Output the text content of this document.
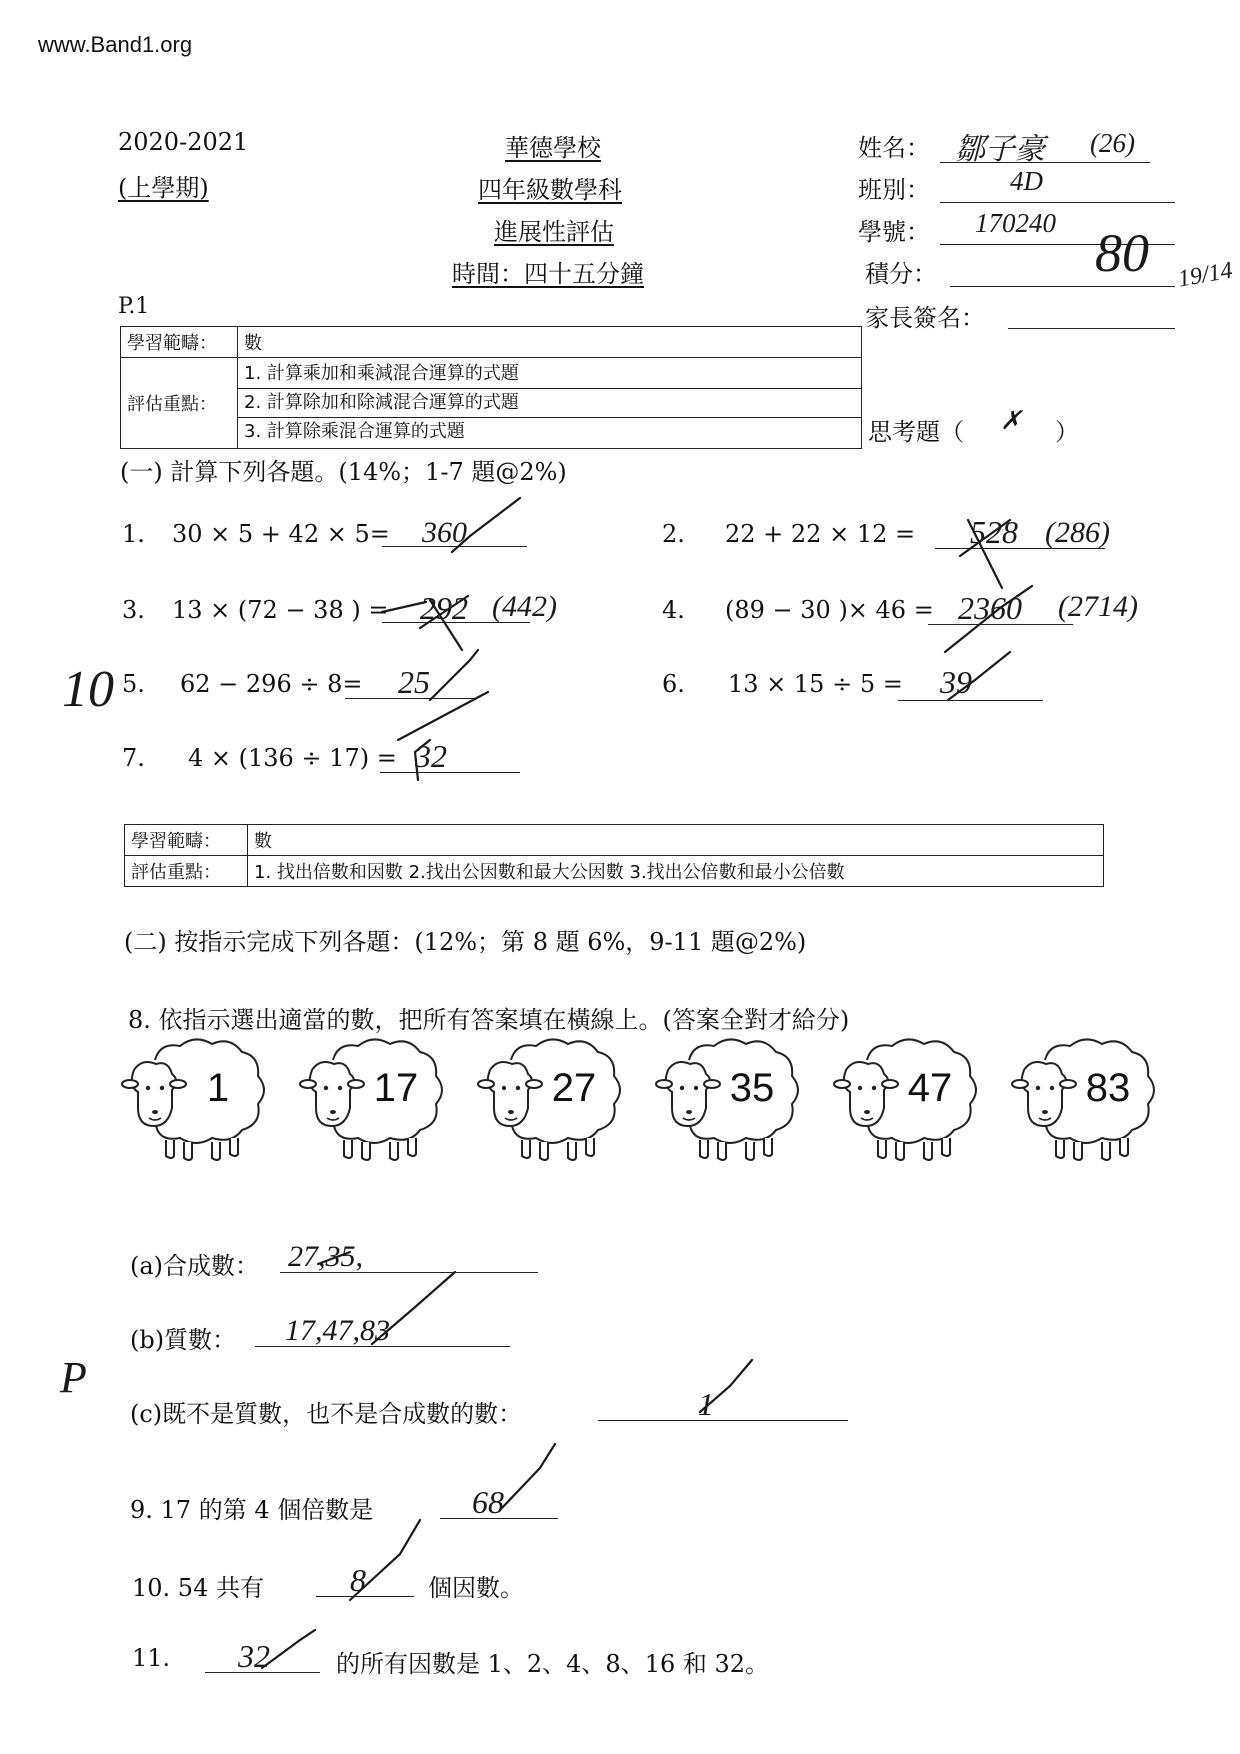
www.Band1.org
2020-2021
(上學期)
華德學校
四年級數學科
進展性評估
時間：四十五分鐘
P.1
姓名： 鄒子豪 (26)
班別：	4D
學號： 170240
積分：	80 19/14
家長簽名：
思考題（ ✗ ）
學習範疇：	數
評估重點：	1. 計算乘加和乘減混合運算的式題
2. 計算除加和除減混合運算的式題
3. 計算除乘混合運算的式題
(一) 計算下列各題。(14%；1-7 題@2%)
1. 30 × 5 + 42 × 5= 360	2. 22 + 22 × 12 = 528 (286)
3. 13 × (72 − 38 ) = 292 (442)	4. (89 − 30 )× 46 = 2360 (2714)
10 5. 62 − 296 ÷ 8= 25	6. 13 × 15 ÷ 5 = 39
7. 4 × (136 ÷ 17) = 32
學習範疇：	數
評估重點：	1. 找出倍數和因數 2.找出公因數和最大公因數 3.找出公倍數和最小公倍數
(二) 按指示完成下列各題：(12%；第 8 題 6%，9-11 題@2%)
8. 依指示選出適當的數，把所有答案填在橫線上。(答案全對才給分)
1	17	27	35	47	83
(a)合成數： 27,35,
(b)質數： 17,47,83
P
(c)既不是質數，也不是合成數的數：	1
9. 17 的第 4 個倍數是	68
10. 54 共有	8	個因數。
11. 32	的所有因數是 1、2、4、8、16 和 32。
